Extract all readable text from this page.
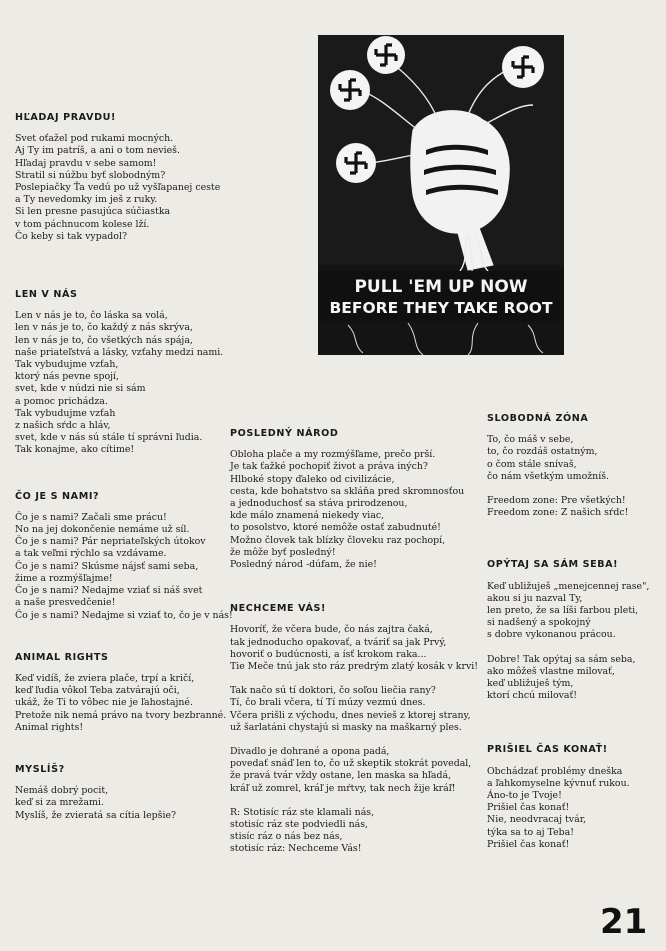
PULL 'EM UP NOW
BEFORE THEY TAKE ROOT
HĽADAJ PRAVDU!
Svet oťažel pod rukami mocných.
Aj Ty im patríš, a ani o tom nevieš.
Hľadaj pravdu v sebe samom!
Stratil si núžbu byť slobodným?
Poslepiačky Ťa vedú po už vyšľapanej ceste
a Ty nevedomky im ješ z ruky.
Si len presne pasujúca súčiastka
v tom páchnucom kolese lží.
Čo keby si tak vypadol?
LEN V NÁS
Len v nás je to, čo láska sa volá,
len v nás je to, čo každý z nás skrýva,
len v nás je to, čo všetkých nás spája,
naše priateľstvá a lásky, vzťahy medzi nami.
Tak vybudujme vzťah,
ktorý nás pevne spojí,
svet, kde v núdzi nie si sám
a pomoc prichádza.
Tak vybudujme vzťah
z našich sŕdc a hláv,
svet, kde v nás sú stále tí správni ľudia.
Tak konajme, ako cítime!
ČO JE S NAMI?
Čo je s nami? Začali sme prácu!
No na jej dokončenie nemáme už síl.
Čo je s nami? Pár nepriateľských útokov
a tak veľmi rýchlo sa vzdávame.
Čo je s nami? Skúsme nájsť sami seba,
žime a rozmýšľajme!
Čo je s nami? Nedajme vziať si náš svet
a naše presvedčenie!
Čo je s nami? Nedajme si vziať to, čo je v nás!
ANIMAL RIGHTS
Keď vidíš, že zviera plače, trpí a kričí,
keď ľudia vôkol Teba zatvárajú oči,
ukáž, že Ti to vôbec nie je ľahostajné.
Pretože nik nemá právo na tvory bezbranné.
Animal rights!
MYSLÍŠ?
Nemáš dobrý pocit,
keď si za mrežami.
Myslíš, že zvieratá sa cítia lepšie?
POSLEDNÝ NÁROD
Obloha plače a my rozmýšľame, prečo prší.
Je tak ťažké pochopiť život a práva iných?
Hlboké stopy ďaleko od civilizácie,
cesta, kde bohatstvo sa skláňa pred skromnosťou
a jednoduchosť sa stáva prirodzenou,
kde málo znamená niekedy viac,
to posolstvo, ktoré nemôže ostať zabudnuté!
Možno človek tak blízky človeku raz pochopí,
že môže byť posledný!
Posledný národ -dúfam, že nie!
NECHCEME VÁS!
Hovoríť, že včera bude, čo nás zajtra čaká,
tak jednoducho opakovať, a tváriť sa jak Prvý,
hovoriť o budúcnosti, a ísť krokom raka...
Tie Meče tnú jak sto ráz predrým zlatý kosák v krvi!
Tak načo sú tí doktori, čo soľou liečia rany?
Tí, čo brali včera, tí Tí múzy vezmú dnes.
Včera prišli z východu, dnes nevieš z ktorej strany,
už šarlatáni chystajú si masky na maškarný ples.
Divadlo je dohrané a opona padá,
povedať snáď len to, čo už skeptik stokrát povedal,
že pravá tvár vždy ostane, len maska sa hľadá,
kráľ už zomrel, kráľ je mŕtvy, tak nech žije kráľ!
R: Stotisíc ráz ste klamali nás,
stotisíc ráz ste podviedli nás,
stisíc ráz o nás bez nás,
stotisíc ráz: Nechceme Vás!
SLOBODNÁ ZÓNA
To, čo máš v sebe,
to, čo rozdáš ostatným,
o čom stále snívaš,
čo nám všetkým umožníš.
Freedom zone: Pre všetkých!
Freedom zone: Z našich sŕdc!
OPÝTAJ SA SÁM SEBA!
Keď ubližuješ „menejcennej rase",
akou si ju nazval Ty,
len preto, že sa líši farbou pleti,
si nadšený a spokojný
s dobre vykonanou prácou.
Dobre! Tak opýtaj sa sám seba,
ako môžeš vlastne milovať,
keď ubližuješ tým,
ktorí chcú milovať!
PRIŠIEL ČAS KONAŤ!
Obchádzať problémy dneška
a ľahkomyselne kývnuť rukou.
Áno-to je Tvoje!
Prišiel čas konať!
Nie, neodvracaj tvár,
týka sa to aj Teba!
Prišiel čas konať!
21
